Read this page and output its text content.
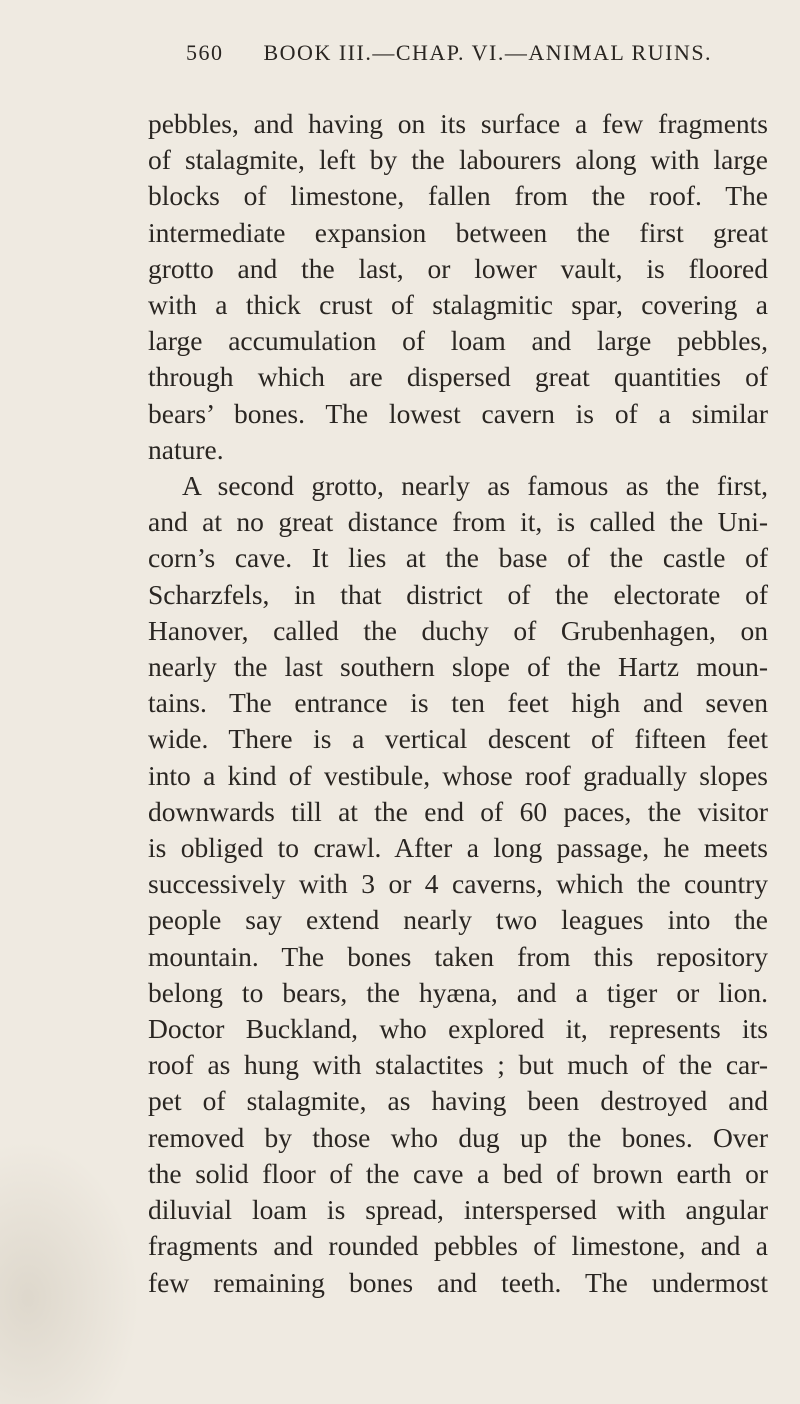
560 BOOK III.—CHAP. VI.—ANIMAL RUINS.
pebbles, and having on its surface a few fragments
of stalagmite, left by the labourers along with large
blocks of limestone, fallen from the roof. The
intermediate expansion between the first great
grotto and the last, or lower vault, is floored
with a thick crust of stalagmitic spar, covering a
large accumulation of loam and large pebbles,
through which are dispersed great quantities of
bears’ bones. The lowest cavern is of a similar
nature.
A second grotto, nearly as famous as the first,
and at no great distance from it, is called the Uni-
corn’s cave. It lies at the base of the castle of
Scharzfels, in that district of the electorate of
Hanover, called the duchy of Grubenhagen, on
nearly the last southern slope of the Hartz moun-
tains. The entrance is ten feet high and seven
wide. There is a vertical descent of fifteen feet
into a kind of vestibule, whose roof gradually slopes
downwards till at the end of 60 paces, the visitor
is obliged to crawl. After a long passage, he meets
successively with 3 or 4 caverns, which the country
people say extend nearly two leagues into the
mountain. The bones taken from this repository
belong to bears, the hyæna, and a tiger or lion.
Doctor Buckland, who explored it, represents its
roof as hung with stalactites ; but much of the car-
pet of stalagmite, as having been destroyed and
removed by those who dug up the bones. Over
the solid floor of the cave a bed of brown earth or
diluvial loam is spread, interspersed with angular
fragments and rounded pebbles of limestone, and a
few remaining bones and teeth. The undermost
